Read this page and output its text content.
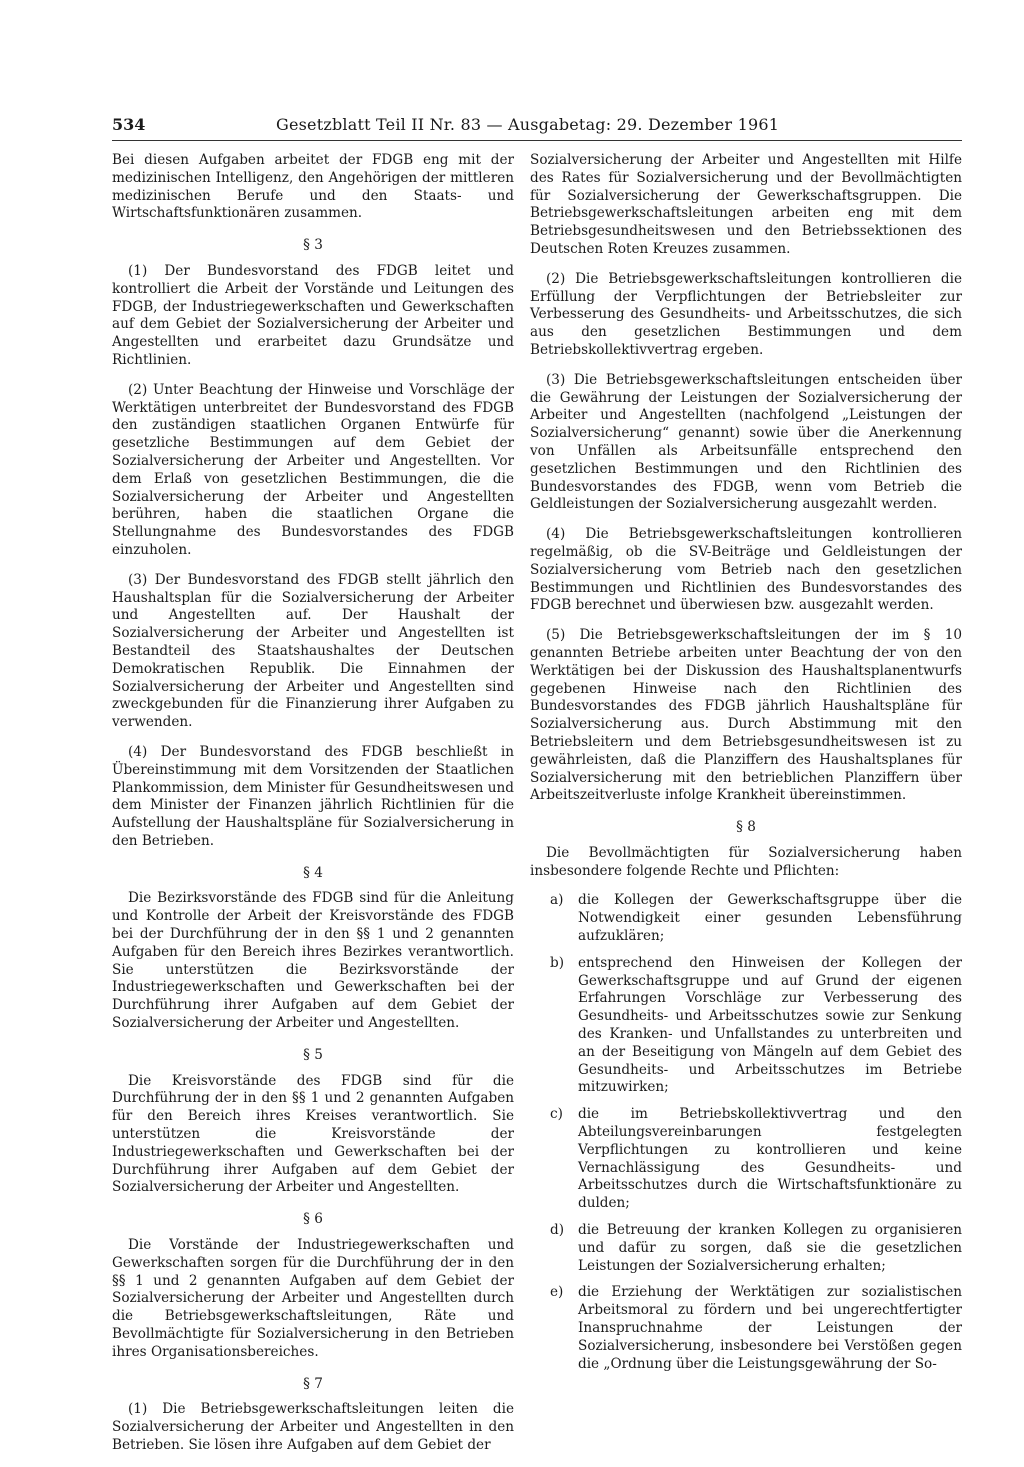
534	Gesetzblatt Teil II Nr. 83 — Ausgabetag: 29. Dezember 1961

Bei diesen Aufgaben arbeitet der FDGB eng mit der medizinischen Intelligenz, den Angehörigen der mittleren medizinischen Berufe und den Staats- und Wirtschaftsfunktionären zusammen.

§ 3

(1) Der Bundesvorstand des FDGB leitet und kontrolliert die Arbeit der Vorstände und Leitungen des FDGB, der Industriegewerkschaften und Gewerkschaften auf dem Gebiet der Sozialversicherung der Arbeiter und Angestellten und erarbeitet dazu Grundsätze und Richtlinien.

(2) Unter Beachtung der Hinweise und Vorschläge der Werktätigen unterbreitet der Bundesvorstand des FDGB den zuständigen staatlichen Organen Entwürfe für gesetzliche Bestimmungen auf dem Gebiet der Sozialversicherung der Arbeiter und Angestellten. Vor dem Erlaß von gesetzlichen Bestimmungen, die die Sozialversicherung der Arbeiter und Angestellten berühren, haben die staatlichen Organe die Stellungnahme des Bundesvorstandes des FDGB einzuholen.

(3) Der Bundesvorstand des FDGB stellt jährlich den Haushaltsplan für die Sozialversicherung der Arbeiter und Angestellten auf. Der Haushalt der Sozialversicherung der Arbeiter und Angestellten ist Bestandteil des Staatshaushaltes der Deutschen Demokratischen Republik. Die Einnahmen der Sozialversicherung der Arbeiter und Angestellten sind zweckgebunden für die Finanzierung ihrer Aufgaben zu verwenden.

(4) Der Bundesvorstand des FDGB beschließt in Übereinstimmung mit dem Vorsitzenden der Staatlichen Plankommission, dem Minister für Gesundheitswesen und dem Minister der Finanzen jährlich Richtlinien für die Aufstellung der Haushaltspläne für Sozialversicherung in den Betrieben.

§ 4

Die Bezirksvorstände des FDGB sind für die Anleitung und Kontrolle der Arbeit der Kreisvorstände des FDGB bei der Durchführung der in den §§ 1 und 2 genannten Aufgaben für den Bereich ihres Bezirkes verantwortlich. Sie unterstützen die Bezirksvorstände der Industriegewerkschaften und Gewerkschaften bei der Durchführung ihrer Aufgaben auf dem Gebiet der Sozialversicherung der Arbeiter und Angestellten.

§ 5

Die Kreisvorstände des FDGB sind für die Durchführung der in den §§ 1 und 2 genannten Aufgaben für den Bereich ihres Kreises verantwortlich. Sie unterstützen die Kreisvorstände der Industriegewerkschaften und Gewerkschaften bei der Durchführung ihrer Aufgaben auf dem Gebiet der Sozialversicherung der Arbeiter und Angestellten.

§ 6

Die Vorstände der Industriegewerkschaften und Gewerkschaften sorgen für die Durchführung der in den §§ 1 und 2 genannten Aufgaben auf dem Gebiet der Sozialversicherung der Arbeiter und Angestellten durch die Betriebsgewerkschaftsleitungen, Räte und Bevollmächtigte für Sozialversicherung in den Betrieben ihres Organisationsbereiches.

§ 7

(1) Die Betriebsgewerkschaftsleitungen leiten die Sozialversicherung der Arbeiter und Angestellten in den Betrieben. Sie lösen ihre Aufgaben auf dem Gebiet der

Sozialversicherung der Arbeiter und Angestellten mit Hilfe des Rates für Sozialversicherung und der Bevollmächtigten für Sozialversicherung der Gewerkschaftsgruppen. Die Betriebsgewerkschaftsleitungen arbeiten eng mit dem Betriebsgesundheitswesen und den Betriebssektionen des Deutschen Roten Kreuzes zusammen.

(2) Die Betriebsgewerkschaftsleitungen kontrollieren die Erfüllung der Verpflichtungen der Betriebsleiter zur Verbesserung des Gesundheits- und Arbeitsschutzes, die sich aus den gesetzlichen Bestimmungen und dem Betriebskollektivvertrag ergeben.

(3) Die Betriebsgewerkschaftsleitungen entscheiden über die Gewährung der Leistungen der Sozialversicherung der Arbeiter und Angestellten (nachfolgend „Leistungen der Sozialversicherung“ genannt) sowie über die Anerkennung von Unfällen als Arbeitsunfälle entsprechend den gesetzlichen Bestimmungen und den Richtlinien des Bundesvorstandes des FDGB, wenn vom Betrieb die Geldleistungen der Sozialversicherung ausgezahlt werden.

(4) Die Betriebsgewerkschaftsleitungen kontrollieren regelmäßig, ob die SV-Beiträge und Geldleistungen der Sozialversicherung vom Betrieb nach den gesetzlichen Bestimmungen und Richtlinien des Bundesvorstandes des FDGB berechnet und überwiesen bzw. ausgezahlt werden.

(5) Die Betriebsgewerkschaftsleitungen der im § 10 genannten Betriebe arbeiten unter Beachtung der von den Werktätigen bei der Diskussion des Haushaltsplanentwurfs gegebenen Hinweise nach den Richtlinien des Bundesvorstandes des FDGB jährlich Haushaltspläne für Sozialversicherung aus. Durch Abstimmung mit den Betriebsleitern und dem Betriebsgesundheitswesen ist zu gewährleisten, daß die Planziffern des Haushaltsplanes für Sozialversicherung mit den betrieblichen Planziffern über Arbeitszeitverluste infolge Krankheit übereinstimmen.

§ 8

Die Bevollmächtigten für Sozialversicherung haben insbesondere folgende Rechte und Pflichten:

a) die Kollegen der Gewerkschaftsgruppe über die Notwendigkeit einer gesunden Lebensführung aufzuklären;
b) entsprechend den Hinweisen der Kollegen der Gewerkschaftsgruppe und auf Grund der eigenen Erfahrungen Vorschläge zur Verbesserung des Gesundheits- und Arbeitsschutzes sowie zur Senkung des Kranken- und Unfallstandes zu unterbreiten und an der Beseitigung von Mängeln auf dem Gebiet des Gesundheits- und Arbeitsschutzes im Betriebe mitzuwirken;
c) die im Betriebskollektivvertrag und den Abteilungsvereinbarungen festgelegten Verpflichtungen zu kontrollieren und keine Vernachlässigung des Gesundheits- und Arbeitsschutzes durch die Wirtschaftsfunktionäre zu dulden;
d) die Betreuung der kranken Kollegen zu organisieren und dafür zu sorgen, daß sie die gesetzlichen Leistungen der Sozialversicherung erhalten;
e) die Erziehung der Werktätigen zur sozialistischen Arbeitsmoral zu fördern und bei ungerechtfertigter Inanspruchnahme der Leistungen der Sozialversicherung, insbesondere bei Verstößen gegen die „Ordnung über die Leistungsgewährung der So-
